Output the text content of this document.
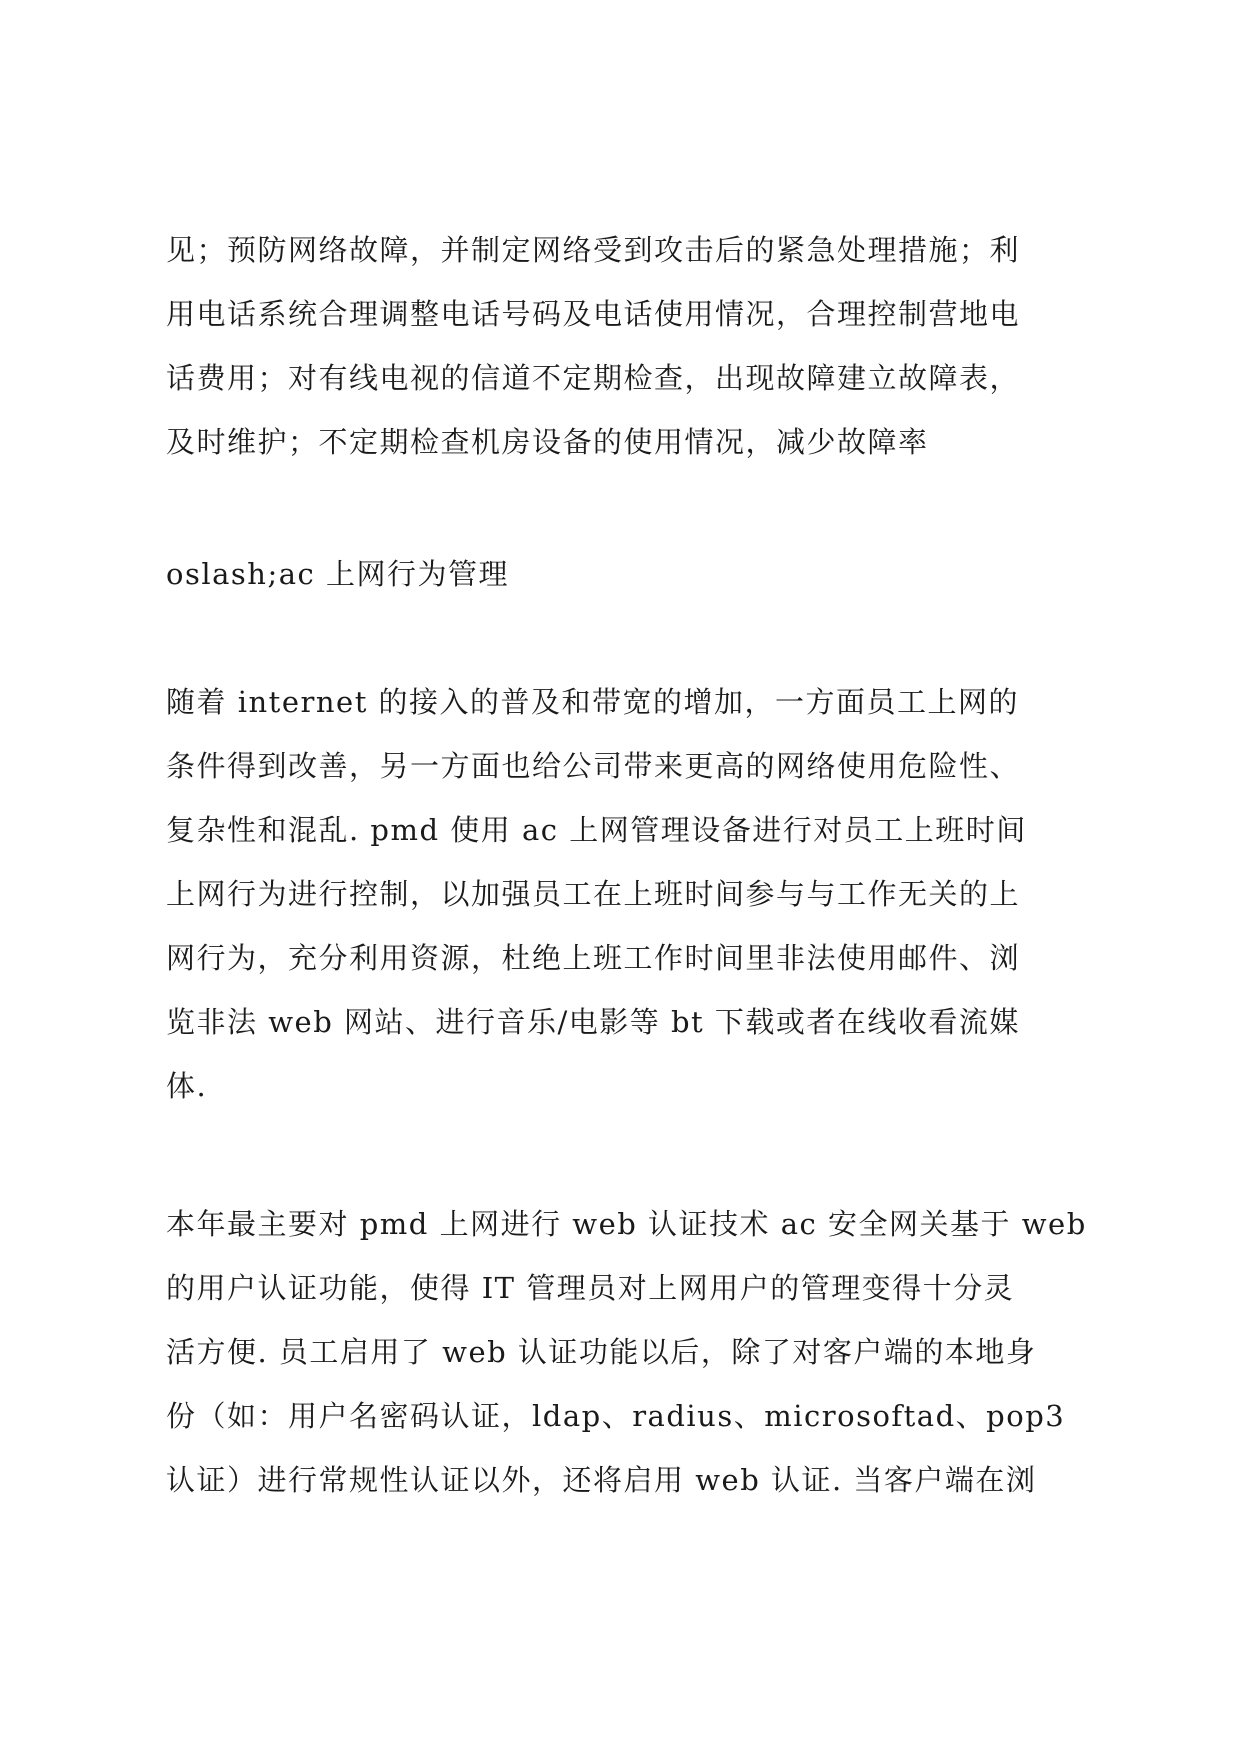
见；预防网络故障，并制定网络受到攻击后的紧急处理措施；利
用电话系统合理调整电话号码及电话使用情况，合理控制营地电
话费用；对有线电视的信道不定期检查，出现故障建立故障表，
及时维护；不定期检查机房设备的使用情况，减少故障率
oslash;ac 上网行为管理
随着 internet 的接入的普及和带宽的增加，一方面员工上网的
条件得到改善，另一方面也给公司带来更高的网络使用危险性、
复杂性和混乱. pmd 使用 ac 上网管理设备进行对员工上班时间
上网行为进行控制，以加强员工在上班时间参与与工作无关的上
网行为，充分利用资源，杜绝上班工作时间里非法使用邮件、浏
览非法 web 网站、进行音乐/电影等 bt 下载或者在线收看流媒
体.
本年最主要对 pmd 上网进行 web 认证技术 ac 安全网关基于 web
的用户认证功能，使得 IT 管理员对上网用户的管理变得十分灵
活方便. 员工启用了 web 认证功能以后，除了对客户端的本地身
份（如：用户名密码认证，ldap、radius、microsoftad、pop3
认证）进行常规性认证以外，还将启用 web 认证. 当客户端在浏
